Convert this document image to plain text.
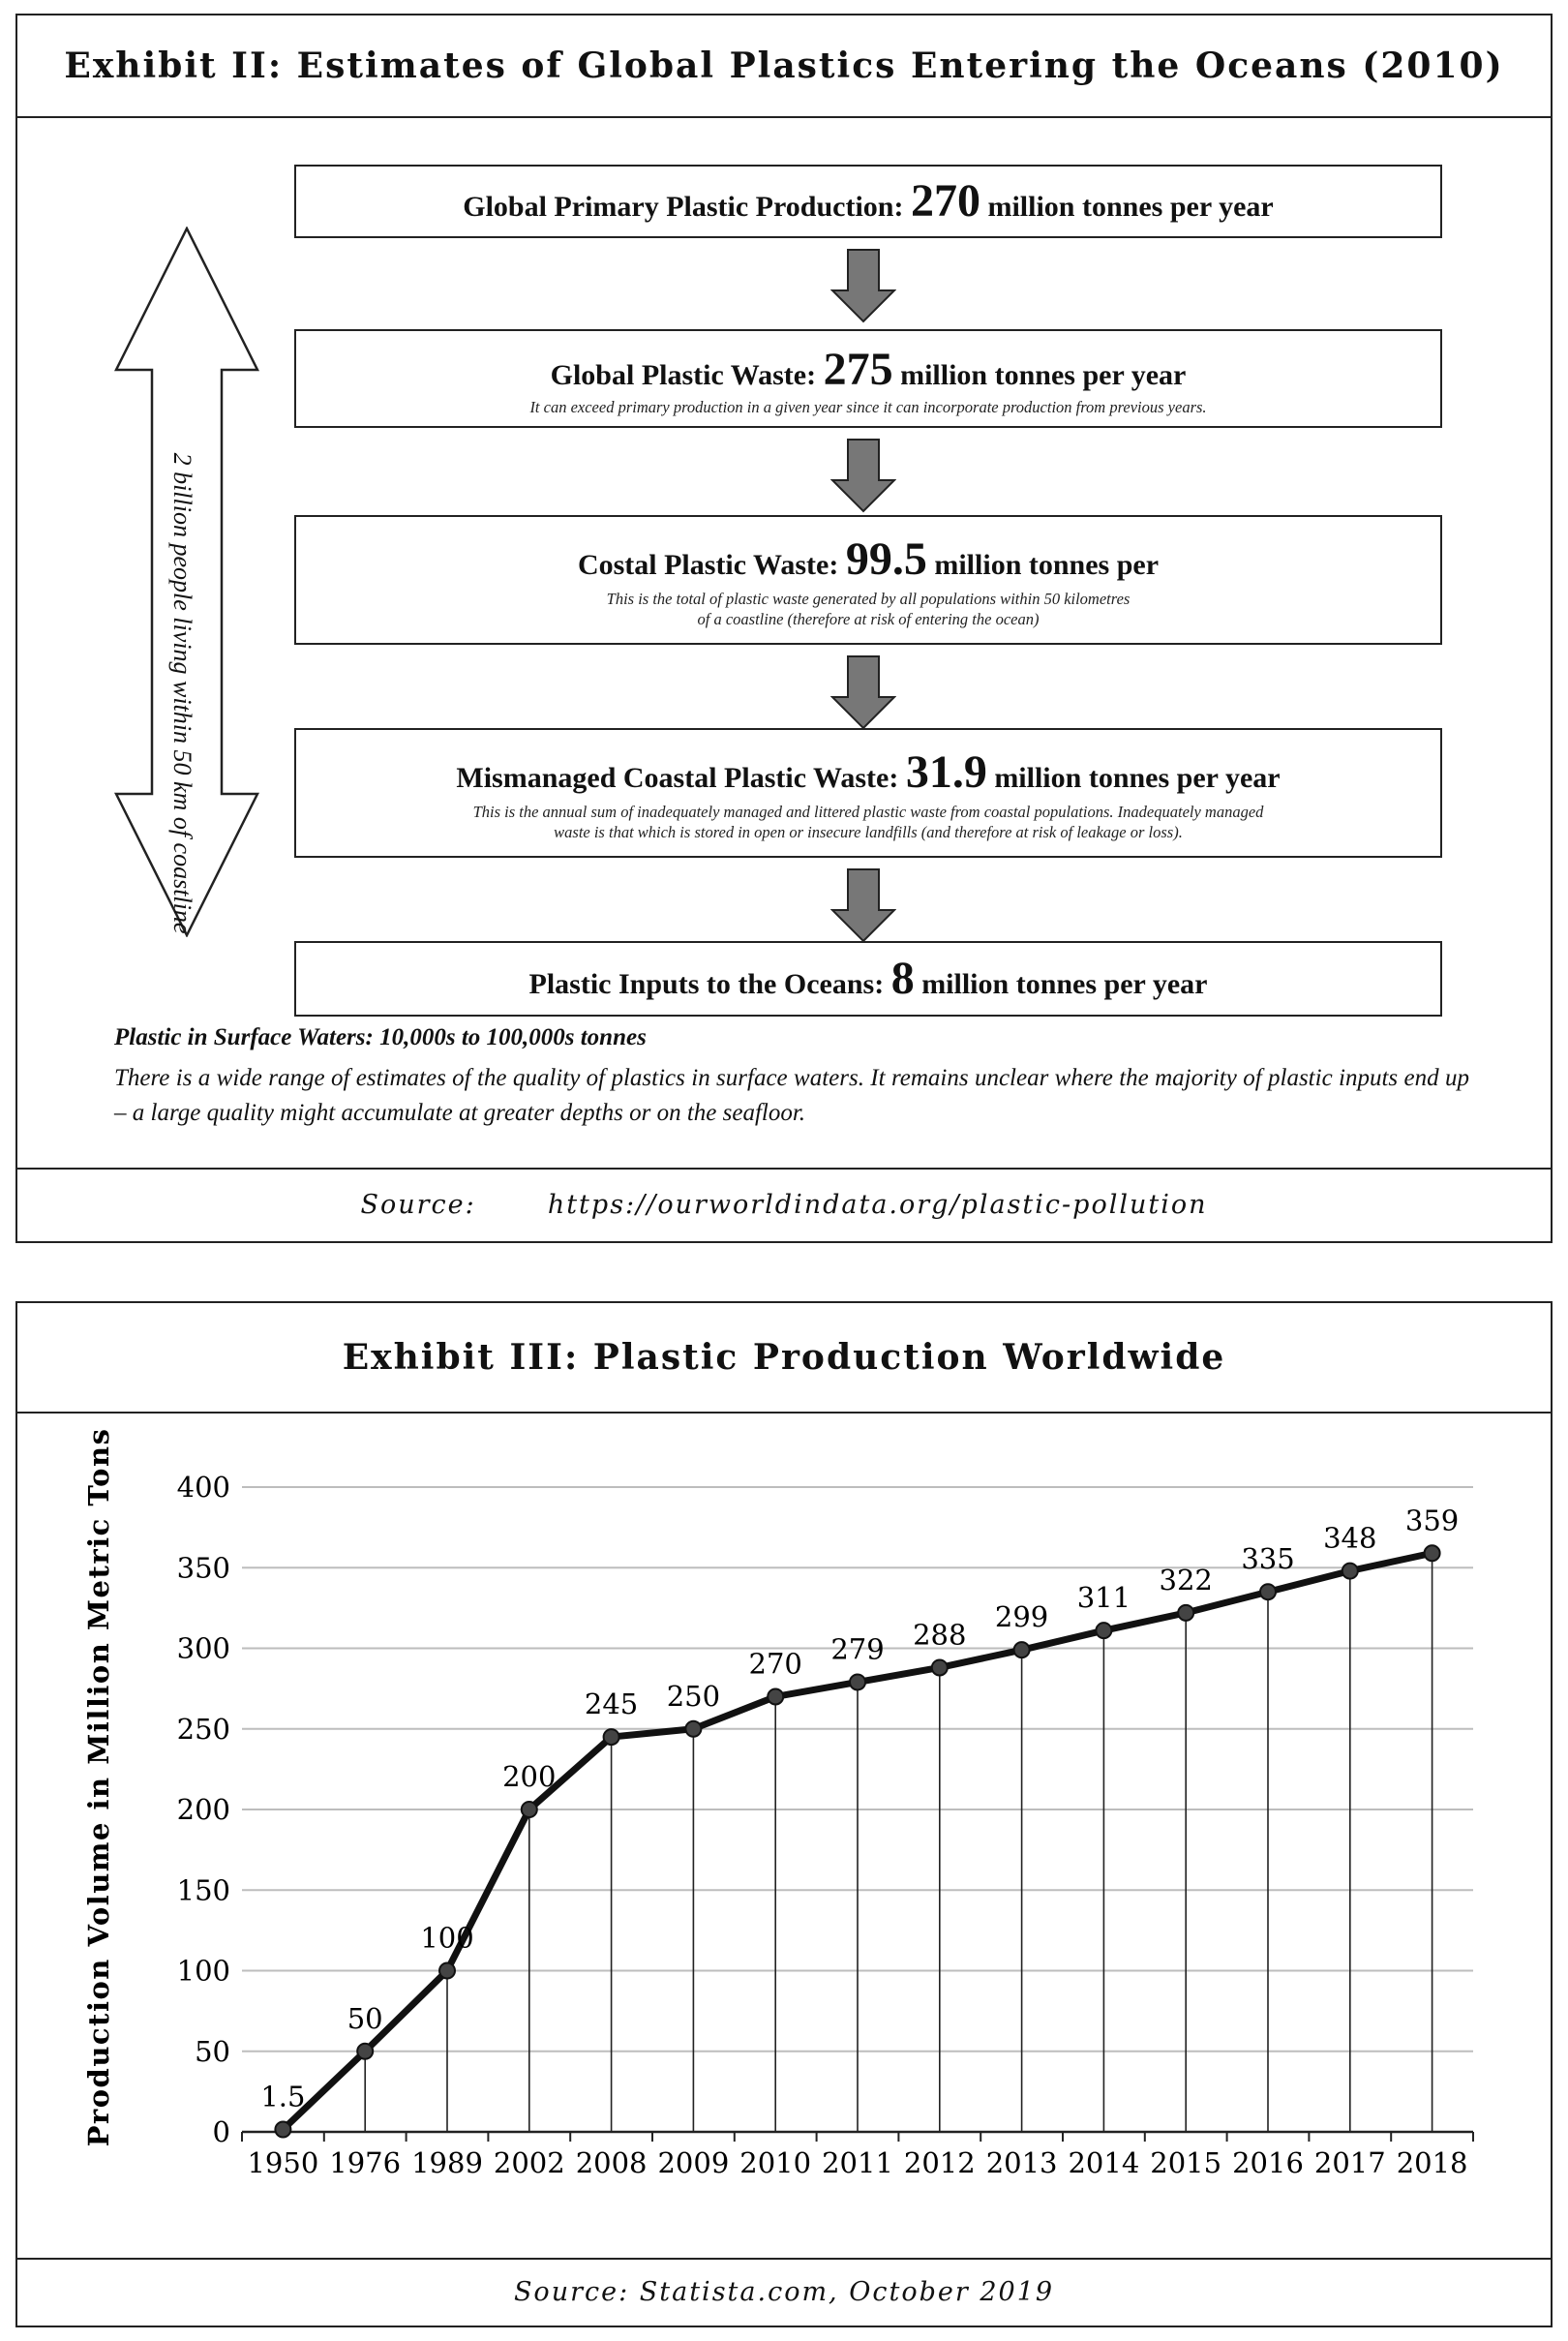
Exhibit II: Estimates of Global Plastics Entering the Oceans (2010)
2 billion people living within 50 km of coastline
Global Primary Plastic Production: 270 million tonnes per year
Global Plastic Waste: 275 million tonnes per year
It can exceed primary production in a given year since it can incorporate production from previous years.
Costal Plastic Waste: 99.5 million tonnes per
This is the total of plastic waste generated by all populations within 50 kilometres
of a coastline (therefore at risk of entering the ocean)
Mismanaged Coastal Plastic Waste: 31.9 million tonnes per year
This is the annual sum of inadequately managed and littered plastic waste from coastal populations. Inadequately managed
waste is that which is stored in open or insecure landfills (and therefore at risk of leakage or loss).
Plastic Inputs to the Oceans: 8 million tonnes per year
Plastic in Surface Waters: 10,000s to 100,000s tonnes
There is a wide range of estimates of the quality of plastics in surface waters. It remains unclear where the majority of plastic inputs end up – a large quality might accumulate at greater depths or on the seafloor.
Source:       https://ourworldindata.org/plastic-pollution
Exhibit III: Plastic Production Worldwide
0
50
100
150
200
250
300
350
400
1950 1976 1989 2002 2008 2009 2010 2011 2012 2013 2014 2015 2016 2017 2018
1.5
50
100
200
245 250
270 279 288
299
311
322
335
348
359
Production Volume in Million Metric Tons
Source: Statista.com, October 2019
